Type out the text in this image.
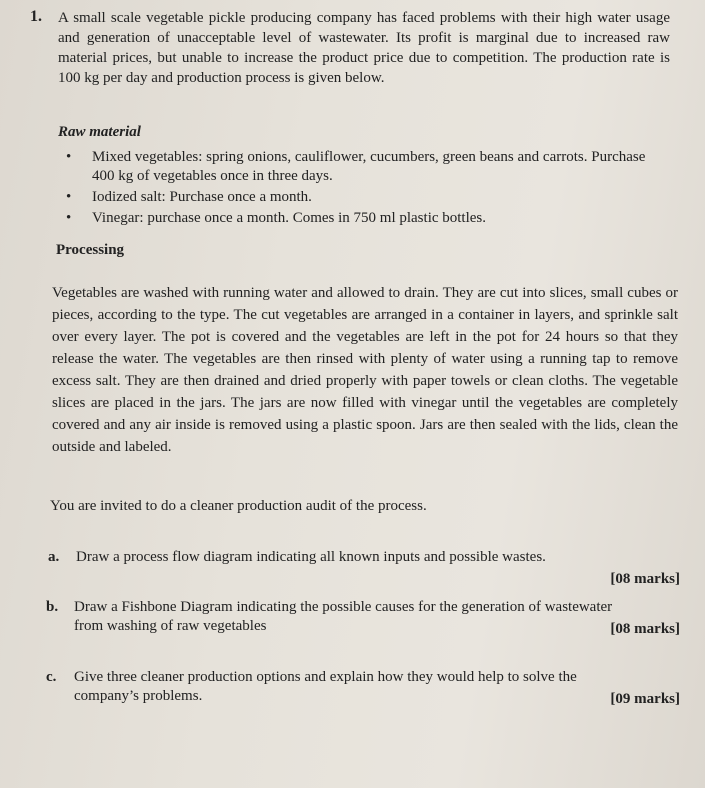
1. A small scale vegetable pickle producing company has faced problems with their high water usage and generation of unacceptable level of wastewater. Its profit is marginal due to increased raw material prices, but unable to increase the product price due to competition. The production rate is 100 kg per day and production process is given below.

Raw material

• Mixed vegetables: spring onions, cauliflower, cucumbers, green beans and carrots. Purchase 400 kg of vegetables once in three days.
• Iodized salt: Purchase once a month.
• Vinegar: purchase once a month. Comes in 750 ml plastic bottles.

Processing

Vegetables are washed with running water and allowed to drain. They are cut into slices, small cubes or pieces, according to the type. The cut vegetables are arranged in a container in layers, and sprinkle salt over every layer. The pot is covered and the vegetables are left in the pot for 24 hours so that they release the water. The vegetables are then rinsed with plenty of water using a running tap to remove excess salt. They are then drained and dried properly with paper towels or clean cloths. The vegetable slices are placed in the jars. The jars are now filled with vinegar until the vegetables are completely covered and any air inside is removed using a plastic spoon. Jars are then sealed with the lids, clean the outside and labeled.

You are invited to do a cleaner production audit of the process.

a. Draw a process flow diagram indicating all known inputs and possible wastes.
[08 marks]
b. Draw a Fishbone Diagram indicating the possible causes for the generation of wastewater from washing of raw vegetables	[08 marks]
c. Give three cleaner production options and explain how they would help to solve the company’s problems.	[09 marks]
